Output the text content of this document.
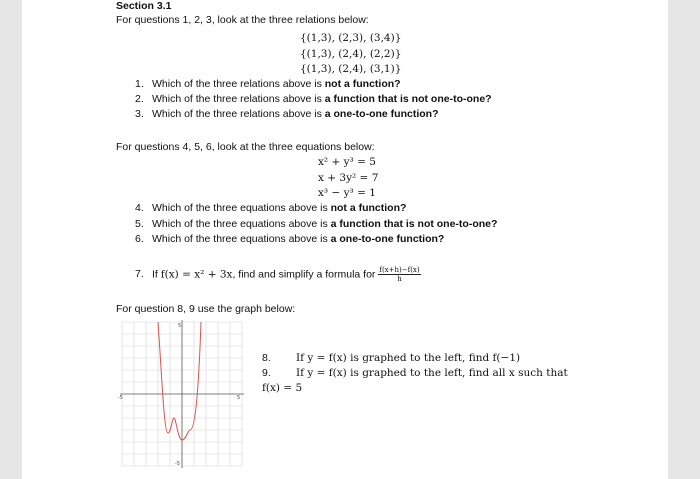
Section 3.1
For questions 1, 2, 3, look at the three relations below:
{(1,3), (2,3), (3,4)}
{(1,3), (2,4), (2,2)}
{(1,3), (2,4), (3,1)}
1. Which of the three relations above is not a function?
2. Which of the three relations above is a function that is not one-to-one?
3. Which of the three relations above is a one-to-one function?
For questions 4, 5, 6, look at the three equations below:
x² + y³ = 5
x + 3y² = 7
x³ − y³ = 1
4. Which of the three equations above is not a function?
5. Which of the three equations above is a function that is not one-to-one?
6. Which of the three equations above is a one-to-one function?
7. If f(x) = x² + 3x, find and simplify a formula for $\frac{f(x+h)-f(x)}{h}$
For question 8, 9 use the graph below:
-5	5
5
-5
8. If y = f(x) is graphed to the left, find f(−1)
9. If y = f(x) is graphed to the left, find all x such that
f(x) = 5
